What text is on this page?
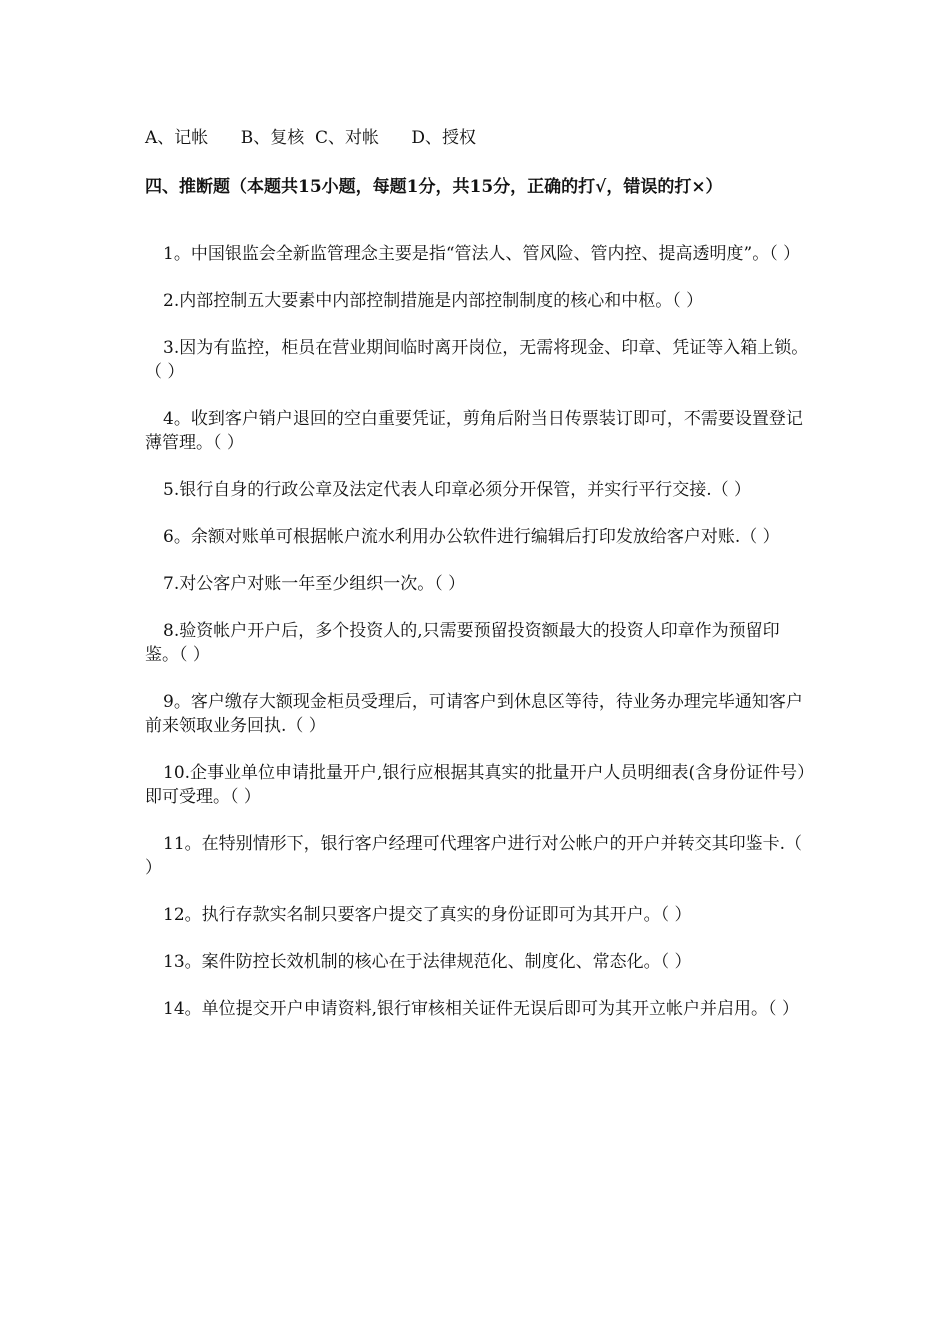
A、记帐      B、复核  C、对帐      D、授权
四、推断题（本题共15小题，每题1分，共15分，正确的打√，错误的打×）
1。中国银监会全新监管理念主要是指“管法人、管风险、管内控、提高透明度”。（ ）
2.内部控制五大要素中内部控制措施是内部控制制度的核心和中枢。（ ）
3.因为有监控，柜员在营业期间临时离开岗位，无需将现金、印章、凭证等入箱上锁。（ ）
4。收到客户销户退回的空白重要凭证，剪角后附当日传票装订即可，不需要设置登记薄管理。（ ）
5.银行自身的行政公章及法定代表人印章必须分开保管，并实行平行交接.（ ）
6。余额对账单可根据帐户流水利用办公软件进行编辑后打印发放给客户对账.（ ）
7.对公客户对账一年至少组织一次。（ ）
8.验资帐户开户后，多个投资人的,只需要预留投资额最大的投资人印章作为预留印鉴。（ ）
9。客户缴存大额现金柜员受理后，可请客户到休息区等待，待业务办理完毕通知客户前来领取业务回执.（ ）
10.企事业单位申请批量开户,银行应根据其真实的批量开户人员明细表(含身份证件号）即可受理。（ ）
11。在特别情形下，银行客户经理可代理客户进行对公帐户的开户并转交其印鉴卡.（ ）
12。执行存款实名制只要客户提交了真实的身份证即可为其开户。（ ）
13。案件防控长效机制的核心在于法律规范化、制度化、常态化。（ ）
14。单位提交开户申请资料,银行审核相关证件无误后即可为其开立帐户并启用。（ ）
